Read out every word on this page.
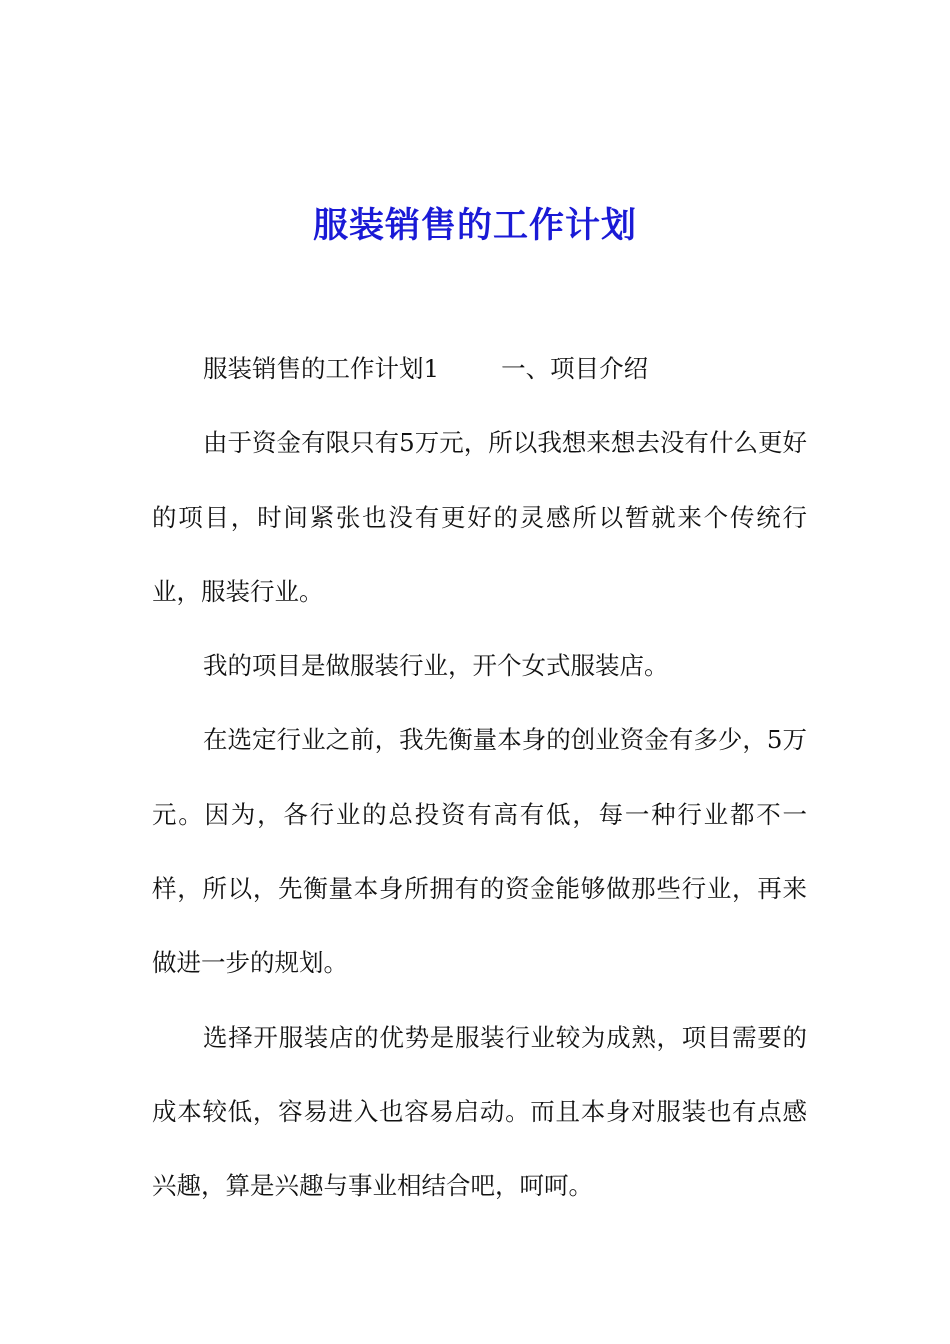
服装销售的工作计划

服装销售的工作计划1	一、项目介绍

由于资金有限只有5万元，所以我想来想去没有什么更好的项目，时间紧张也没有更好的灵感所以暂就来个传统行业，服装行业。

我的项目是做服装行业，开个女式服装店。

在选定行业之前，我先衡量本身的创业资金有多少，5万元。因为，各行业的总投资有高有低，每一种行业都不一样，所以，先衡量本身所拥有的资金能够做那些行业，再来做进一步的规划。

选择开服装店的优势是服装行业较为成熟，项目需要的成本较低，容易进入也容易启动。而且本身对服装也有点感兴趣，算是兴趣与事业相结合吧，呵呵。
